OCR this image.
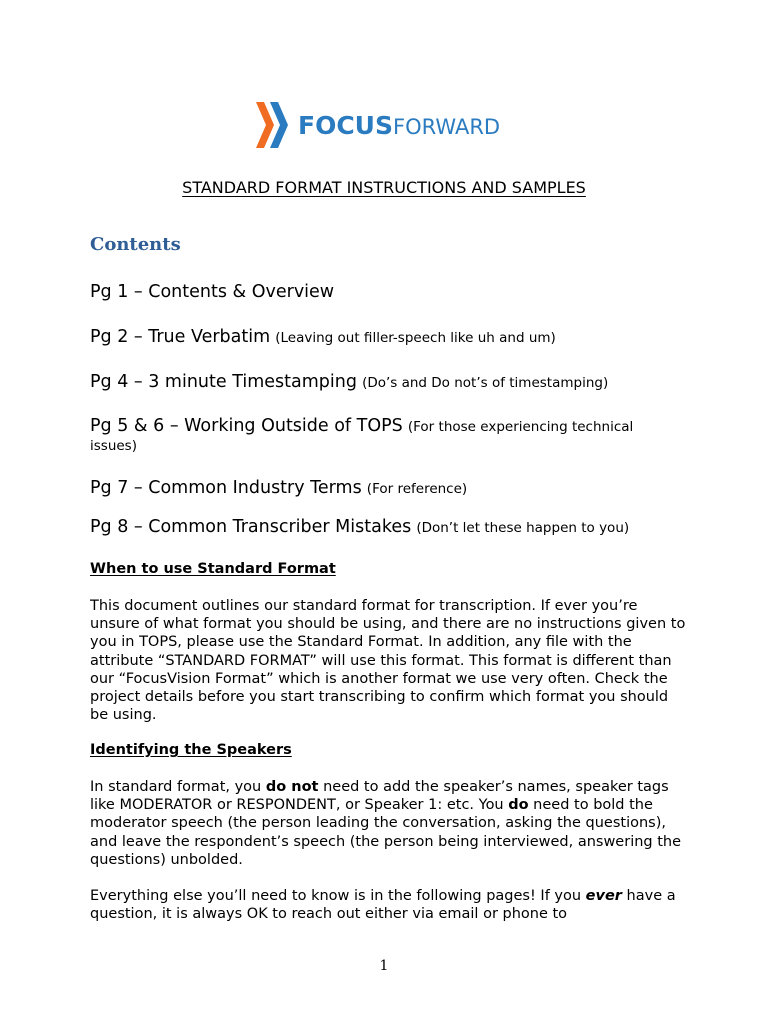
FOCUSFORWARD
STANDARD FORMAT INSTRUCTIONS AND SAMPLES
Contents
Pg 1 – Contents & Overview
Pg 2 – True Verbatim (Leaving out filler-speech like uh and um)
Pg 4 – 3 minute Timestamping (Do’s and Do not’s of timestamping)
Pg 5 & 6 – Working Outside of TOPS (For those experiencing technical issues)
Pg 7 – Common Industry Terms (For reference)
Pg 8 – Common Transcriber Mistakes (Don’t let these happen to you)
When to use Standard Format
This document outlines our standard format for transcription. If ever you’re unsure of what format you should be using, and there are no instructions given to you in TOPS, please use the Standard Format. In addition, any file with the attribute “STANDARD FORMAT” will use this format. This format is different than our “FocusVision Format” which is another format we use very often. Check the project details before you start transcribing to confirm which format you should be using.
Identifying the Speakers
In standard format, you do not need to add the speaker’s names, speaker tags like MODERATOR or RESPONDENT, or Speaker 1: etc. You do need to bold the moderator speech (the person leading the conversation, asking the questions), and leave the respondent’s speech (the person being interviewed, answering the questions) unbolded.
Everything else you’ll need to know is in the following pages! If you ever have a question, it is always OK to reach out either via email or phone to
1
